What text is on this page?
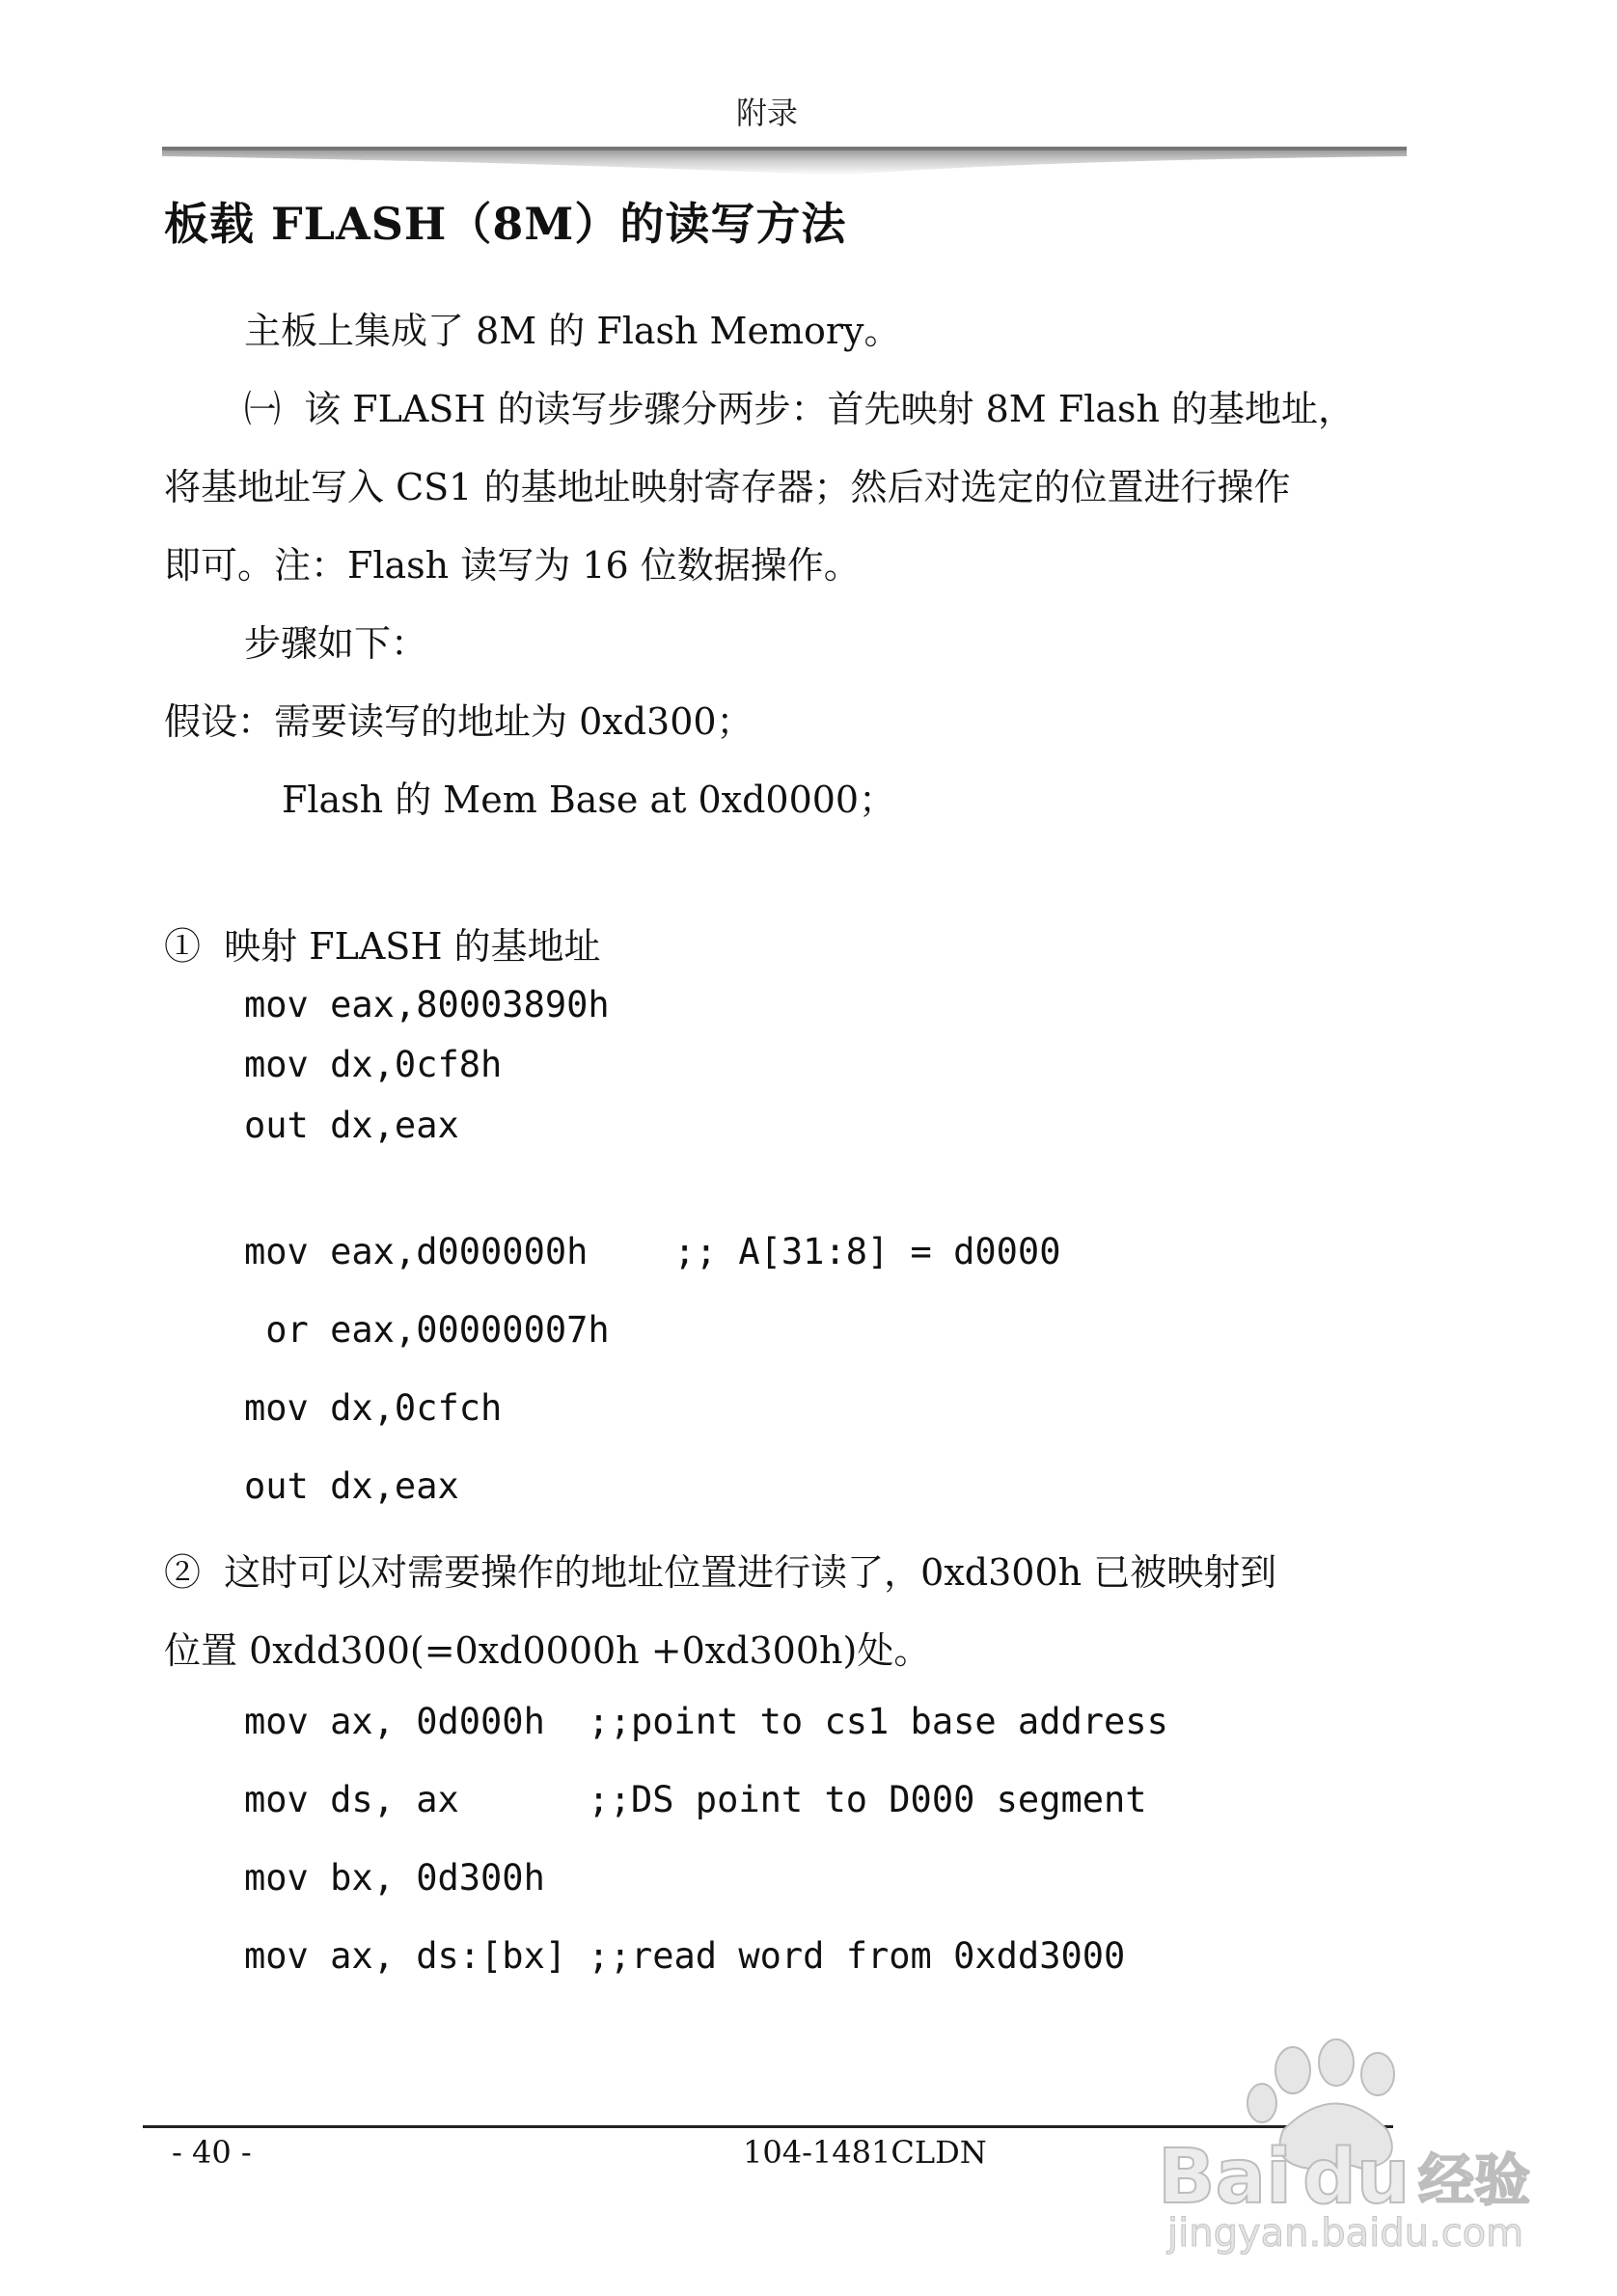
附录
板载 FLASH（8M）的读写方法
主板上集成了 8M 的 Flash Memory。
㈠  该 FLASH 的读写步骤分两步：首先映射 8M Flash 的基地址，
将基地址写入 CS1 的基地址映射寄存器；然后对选定的位置进行操作
即可。注：Flash 读写为 16 位数据操作。
步骤如下：
假设：需要读写的地址为 0xd300；
Flash 的 Mem Base at 0xd0000；
①  映射 FLASH 的基地址
mov eax,80003890h
mov dx,0cf8h
out dx,eax
mov eax,d000000h    ;; A[31:8] = d0000
or eax,00000007h
mov dx,0cfch
out dx,eax
②  这时可以对需要操作的地址位置进行读了，0xd300h 已被映射到
位置 0xdd300(=0xd0000h +0xd300h)处。
mov ax, 0d000h  ;;point to cs1 base address
mov ds, ax      ;;DS point to D000 segment
mov bx, 0d300h
mov ax, ds:[bx] ;;read word from 0xdd3000
- 40 -	104-1481CLDN Bai du 经验
jingyan.baidu.com
